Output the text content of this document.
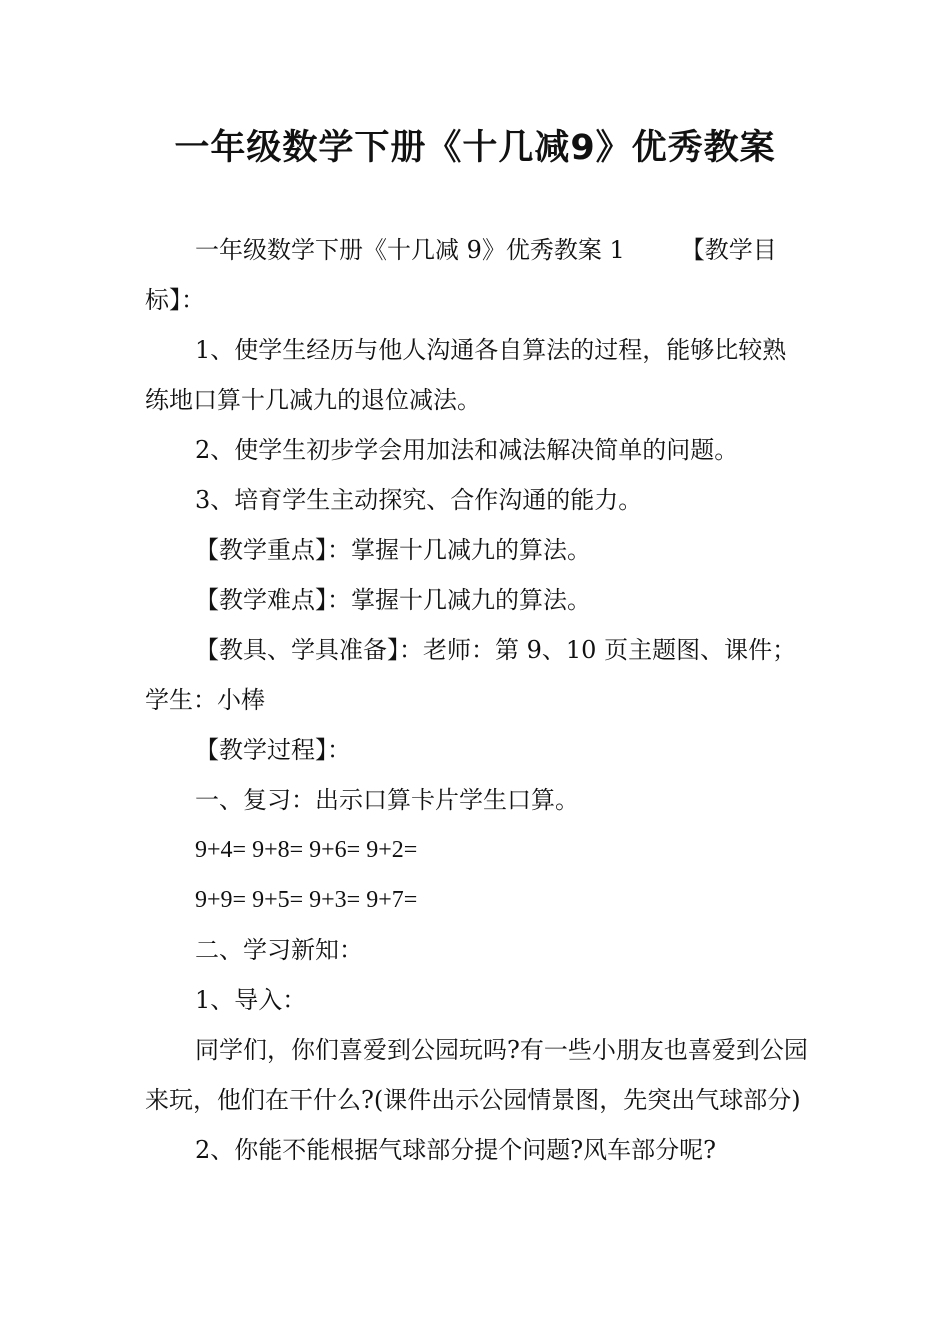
一年级数学下册《十几减9》优秀教案

一年级数学下册《十几减 9》优秀教案 1 【教学目标】：

1、使学生经历与他人沟通各自算法的过程，能够比较熟练地口算十几减九的退位减法。

2、使学生初步学会用加法和减法解决简单的问题。

3、培育学生主动探究、合作沟通的能力。

【教学重点】：掌握十几减九的算法。

【教学难点】：掌握十几减九的算法。

【教具、学具准备】：老师：第 9、10 页主题图、课件；学生：小棒

【教学过程】：

一、复习：出示口算卡片学生口算。

9+4= 9+8= 9+6= 9+2=

9+9= 9+5= 9+3= 9+7=

二、学习新知：

1、导入：

同学们，你们喜爱到公园玩吗?有一些小朋友也喜爱到公园来玩，他们在干什么?(课件出示公园情景图，先突出气球部分)

2、你能不能根据气球部分提个问题?风车部分呢?
